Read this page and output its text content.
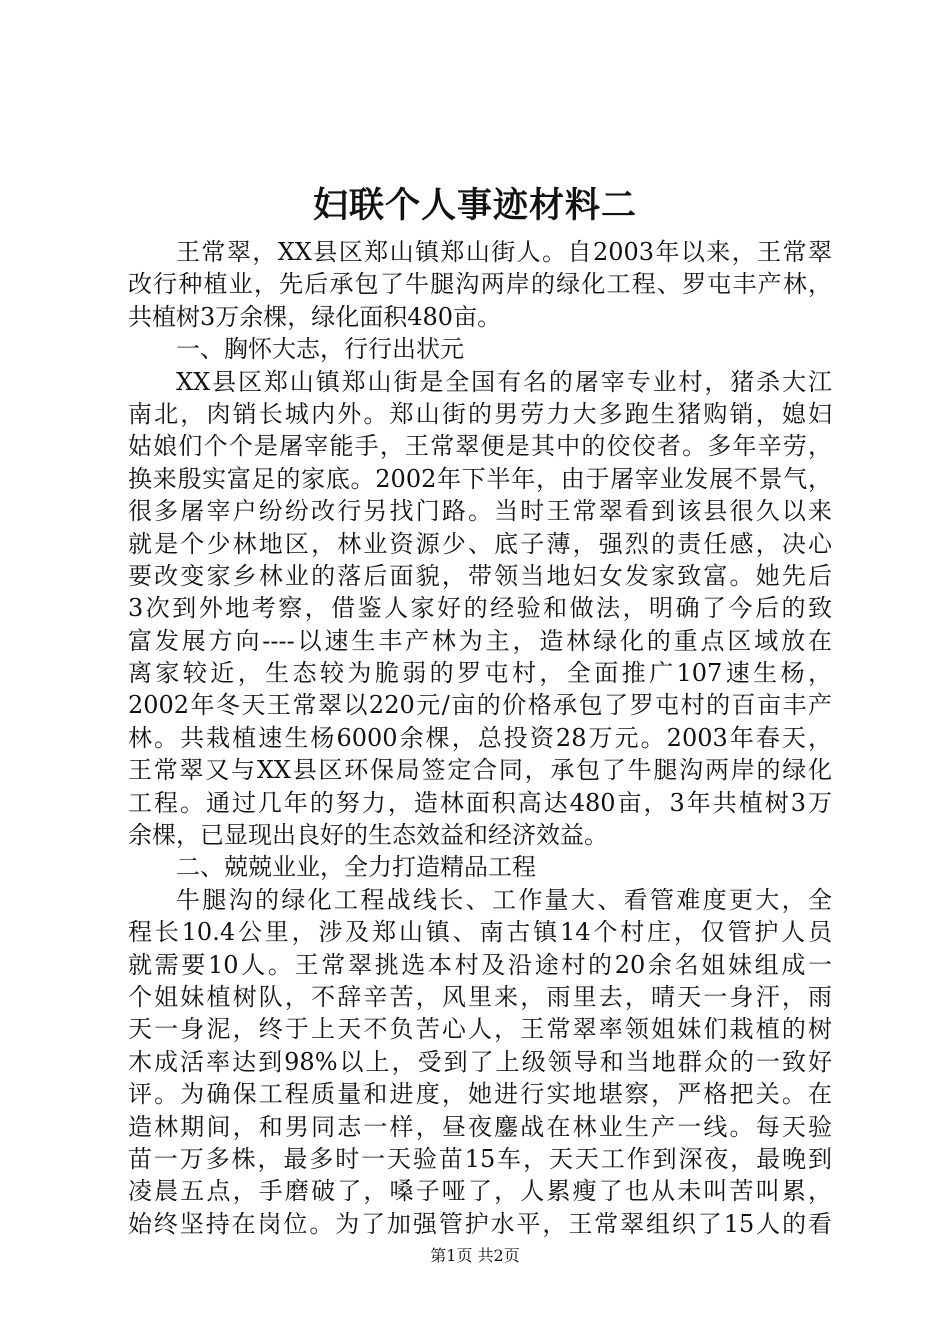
妇联个人事迹材料二
王常翠，XX县区郑山镇郑山街人。自2003年以来，王常翠
改行种植业，先后承包了牛腿沟两岸的绿化工程、罗屯丰产林，
共植树3万余棵，绿化面积480亩。
一、胸怀大志，行行出状元
XX县区郑山镇郑山街是全国有名的屠宰专业村，猪杀大江
南北，肉销长城内外。郑山街的男劳力大多跑生猪购销，媳妇
姑娘们个个是屠宰能手，王常翠便是其中的佼佼者。多年辛劳，
换来殷实富足的家底。2002年下半年，由于屠宰业发展不景气，
很多屠宰户纷纷改行另找门路。当时王常翠看到该县很久以来
就是个少林地区，林业资源少、底子薄，强烈的责任感，决心
要改变家乡林业的落后面貌，带领当地妇女发家致富。她先后
3次到外地考察，借鉴人家好的经验和做法，明确了今后的致
富发展方向----以速生丰产林为主，造林绿化的重点区域放在
离家较近，生态较为脆弱的罗屯村，全面推广107速生杨，
2002年冬天王常翠以220元/亩的价格承包了罗屯村的百亩丰产
林。共栽植速生杨6000余棵，总投资28万元。2003年春天，
王常翠又与XX县区环保局签定合同，承包了牛腿沟两岸的绿化
工程。通过几年的努力，造林面积高达480亩，3年共植树3万
余棵，已显现出良好的生态效益和经济效益。
二、兢兢业业，全力打造精品工程
牛腿沟的绿化工程战线长、工作量大、看管难度更大，全
程长10.4公里，涉及郑山镇、南古镇14个村庄，仅管护人员
就需要10人。王常翠挑选本村及沿途村的20余名姐妹组成一
个姐妹植树队，不辞辛苦，风里来，雨里去，晴天一身汗，雨
天一身泥，终于上天不负苦心人，王常翠率领姐妹们栽植的树
木成活率达到98%以上，受到了上级领导和当地群众的一致好
评。为确保工程质量和进度，她进行实地堪察，严格把关。在
造林期间，和男同志一样，昼夜鏖战在林业生产一线。每天验
苗一万多株，最多时一天验苗15车，天天工作到深夜，最晚到
凌晨五点，手磨破了，嗓子哑了，人累瘦了也从未叫苦叫累，
始终坚持在岗位。为了加强管护水平，王常翠组织了15人的看
第1页 共2页
